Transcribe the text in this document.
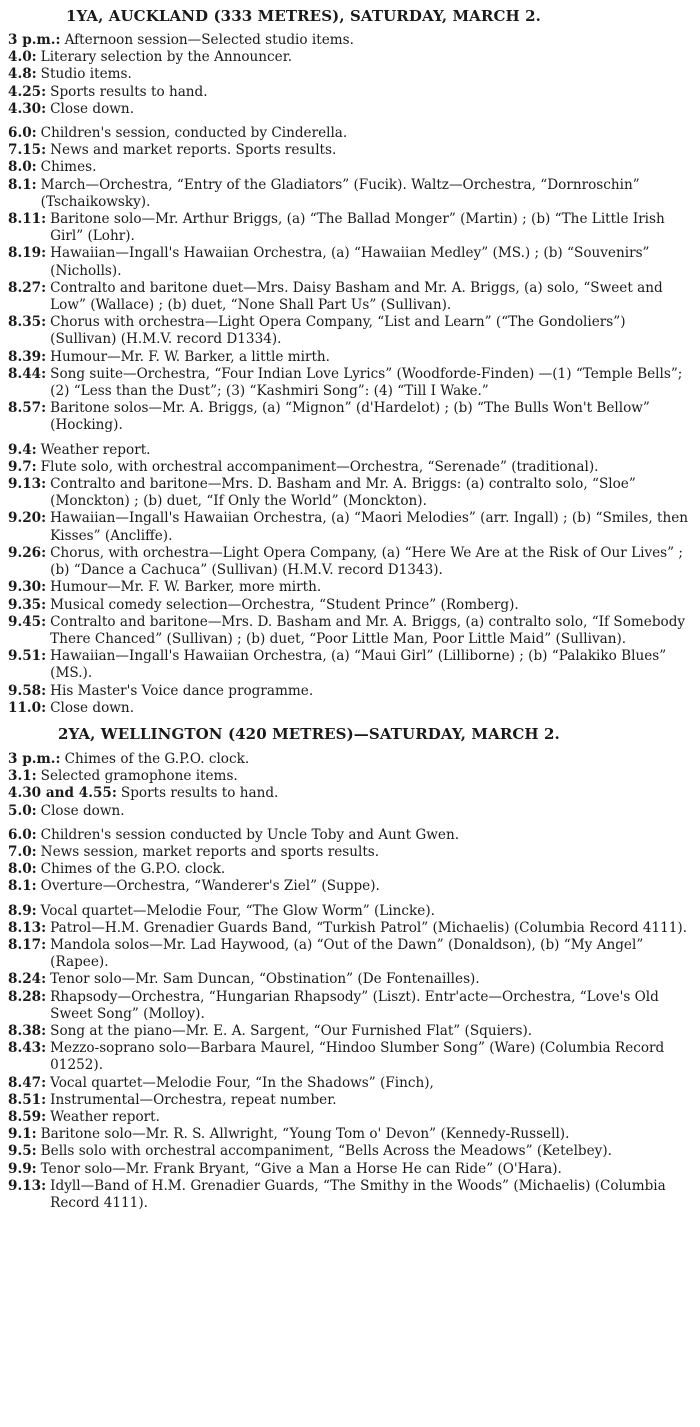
1YA, AUCKLAND (333 METRES), SATURDAY, MARCH 2.
3 p.m.: Afternoon session—Selected studio items.
4.0: Literary selection by the Announcer.
4.8: Studio items.
4.25: Sports results to hand.
4.30: Close down.
6.0: Children's session, conducted by Cinderella.
7.15: News and market reports. Sports results.
8.0: Chimes.
8.1: March—Orchestra, “Entry of the Gladiators” (Fucik). Waltz—Orchestra, “Dornroschin” (Tschaikowsky).
8.11: Baritone solo—Mr. Arthur Briggs, (a) “The Ballad Monger” (Martin) ; (b) “The Little Irish Girl” (Lohr).
8.19: Hawaiian—Ingall's Hawaiian Orchestra, (a) “Hawaiian Medley” (MS.) ; (b) “Souvenirs” (Nicholls).
8.27: Contralto and baritone duet—Mrs. Daisy Basham and Mr. A. Briggs, (a) solo, “Sweet and Low” (Wallace) ; (b) duet, “None Shall Part Us” (Sullivan).
8.35: Chorus with orchestra—Light Opera Company, “List and Learn” (“The Gondoliers”) (Sullivan) (H.M.V. record D1334).
8.39: Humour—Mr. F. W. Barker, a little mirth.
8.44: Song suite—Orchestra, “Four Indian Love Lyrics” (Woodforde-Finden) —(1) “Temple Bells”; (2) “Less than the Dust”; (3) “Kashmiri Song”: (4) “Till I Wake.”
8.57: Baritone solos—Mr. A. Briggs, (a) “Mignon” (d'Hardelot) ; (b) “The Bulls Won't Bellow” (Hocking).
9.4: Weather report.
9.7: Flute solo, with orchestral accompaniment—Orchestra, “Serenade” (traditional).
9.13: Contralto and baritone—Mrs. D. Basham and Mr. A. Briggs: (a) contralto solo, “Sloe” (Monckton) ; (b) duet, “If Only the World” (Monckton).
9.20: Hawaiian—Ingall's Hawaiian Orchestra, (a) “Maori Melodies” (arr. Ingall) ; (b) “Smiles, then Kisses” (Ancliffe).
9.26: Chorus, with orchestra—Light Opera Company, (a) “Here We Are at the Risk of Our Lives” ; (b) “Dance a Cachuca” (Sullivan) (H.M.V. record D1343).
9.30: Humour—Mr. F. W. Barker, more mirth.
9.35: Musical comedy selection—Orchestra, “Student Prince” (Romberg).
9.45: Contralto and baritone—Mrs. D. Basham and Mr. A. Briggs, (a) contralto solo, “If Somebody There Chanced” (Sullivan) ; (b) duet, “Poor Little Man, Poor Little Maid” (Sullivan).
9.51: Hawaiian—Ingall's Hawaiian Orchestra, (a) “Maui Girl” (Lilliborne) ; (b) “Palakiko Blues” (MS.).
9.58: His Master's Voice dance programme.
11.0: Close down.
2YA, WELLINGTON (420 METRES)—SATURDAY, MARCH 2.
3 p.m.: Chimes of the G.P.O. clock.
3.1: Selected gramophone items.
4.30 and 4.55: Sports results to hand.
5.0: Close down.
6.0: Children's session conducted by Uncle Toby and Aunt Gwen.
7.0: News session, market reports and sports results.
8.0: Chimes of the G.P.O. clock.
8.1: Overture—Orchestra, “Wanderer's Ziel” (Suppe).
8.9: Vocal quartet—Melodie Four, “The Glow Worm” (Lincke).
8.13: Patrol—H.M. Grenadier Guards Band, “Turkish Patrol” (Michaelis) (Columbia Record 4111).
8.17: Mandola solos—Mr. Lad Haywood, (a) “Out of the Dawn” (Donaldson), (b) “My Angel” (Rapee).
8.24: Tenor solo—Mr. Sam Duncan, “Obstination” (De Fontenailles).
8.28: Rhapsody—Orchestra, “Hungarian Rhapsody” (Liszt). Entr'acte—Orchestra, “Love's Old Sweet Song” (Molloy).
8.38: Song at the piano—Mr. E. A. Sargent, “Our Furnished Flat” (Squiers).
8.43: Mezzo-soprano solo—Barbara Maurel, “Hindoo Slumber Song” (Ware) (Columbia Record 01252).
8.47: Vocal quartet—Melodie Four, “In the Shadows” (Finch),
8.51: Instrumental—Orchestra, repeat number.
8.59: Weather report.
9.1: Baritone solo—Mr. R. S. Allwright, “Young Tom o' Devon” (Kennedy-Russell).
9.5: Bells solo with orchestral accompaniment, “Bells Across the Meadows” (Ketelbey).
9.9: Tenor solo—Mr. Frank Bryant, “Give a Man a Horse He can Ride” (O'Hara).
9.13: Idyll—Band of H.M. Grenadier Guards, “The Smithy in the Woods” (Michaelis) (Columbia Record 4111).
